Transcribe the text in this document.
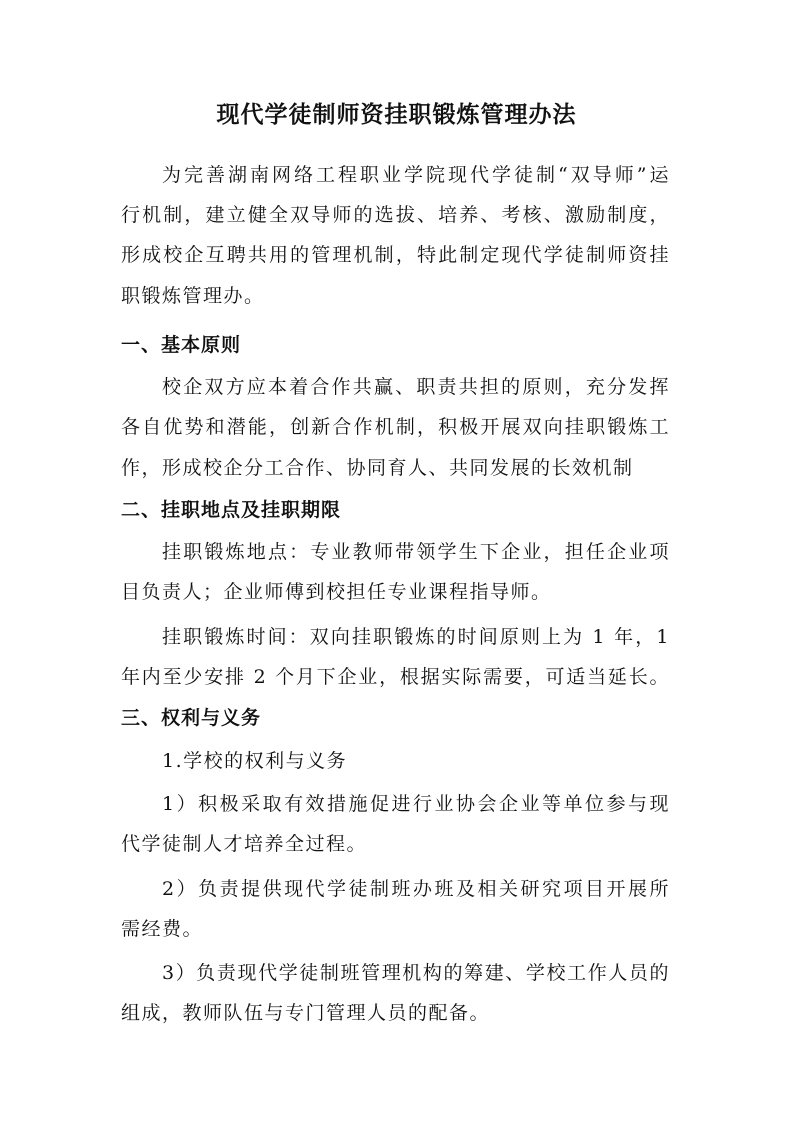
现代学徒制师资挂职锻炼管理办法
为完善湖南网络工程职业学院现代学徒制“双导师”运
行机制，建立健全双导师的选拔、培养、考核、激励制度，
形成校企互聘共用的管理机制，特此制定现代学徒制师资挂
职锻炼管理办。
一、基本原则
校企双方应本着合作共赢、职责共担的原则，充分发挥
各自优势和潜能，创新合作机制，积极开展双向挂职锻炼工
作，形成校企分工合作、协同育人、共同发展的长效机制
二、挂职地点及挂职期限
挂职锻炼地点：专业教师带领学生下企业，担任企业项
目负责人；企业师傅到校担任专业课程指导师。
挂职锻炼时间：双向挂职锻炼的时间原则上为 1 年，1
年内至少安排 2 个月下企业，根据实际需要，可适当延长。
三、权利与义务
1.学校的权利与义务
1）积极采取有效措施促进行业协会企业等单位参与现
代学徒制人才培养全过程。
2）负责提供现代学徒制班办班及相关研究项目开展所
需经费。
3）负责现代学徒制班管理机构的筹建、学校工作人员的
组成，教师队伍与专门管理人员的配备。
